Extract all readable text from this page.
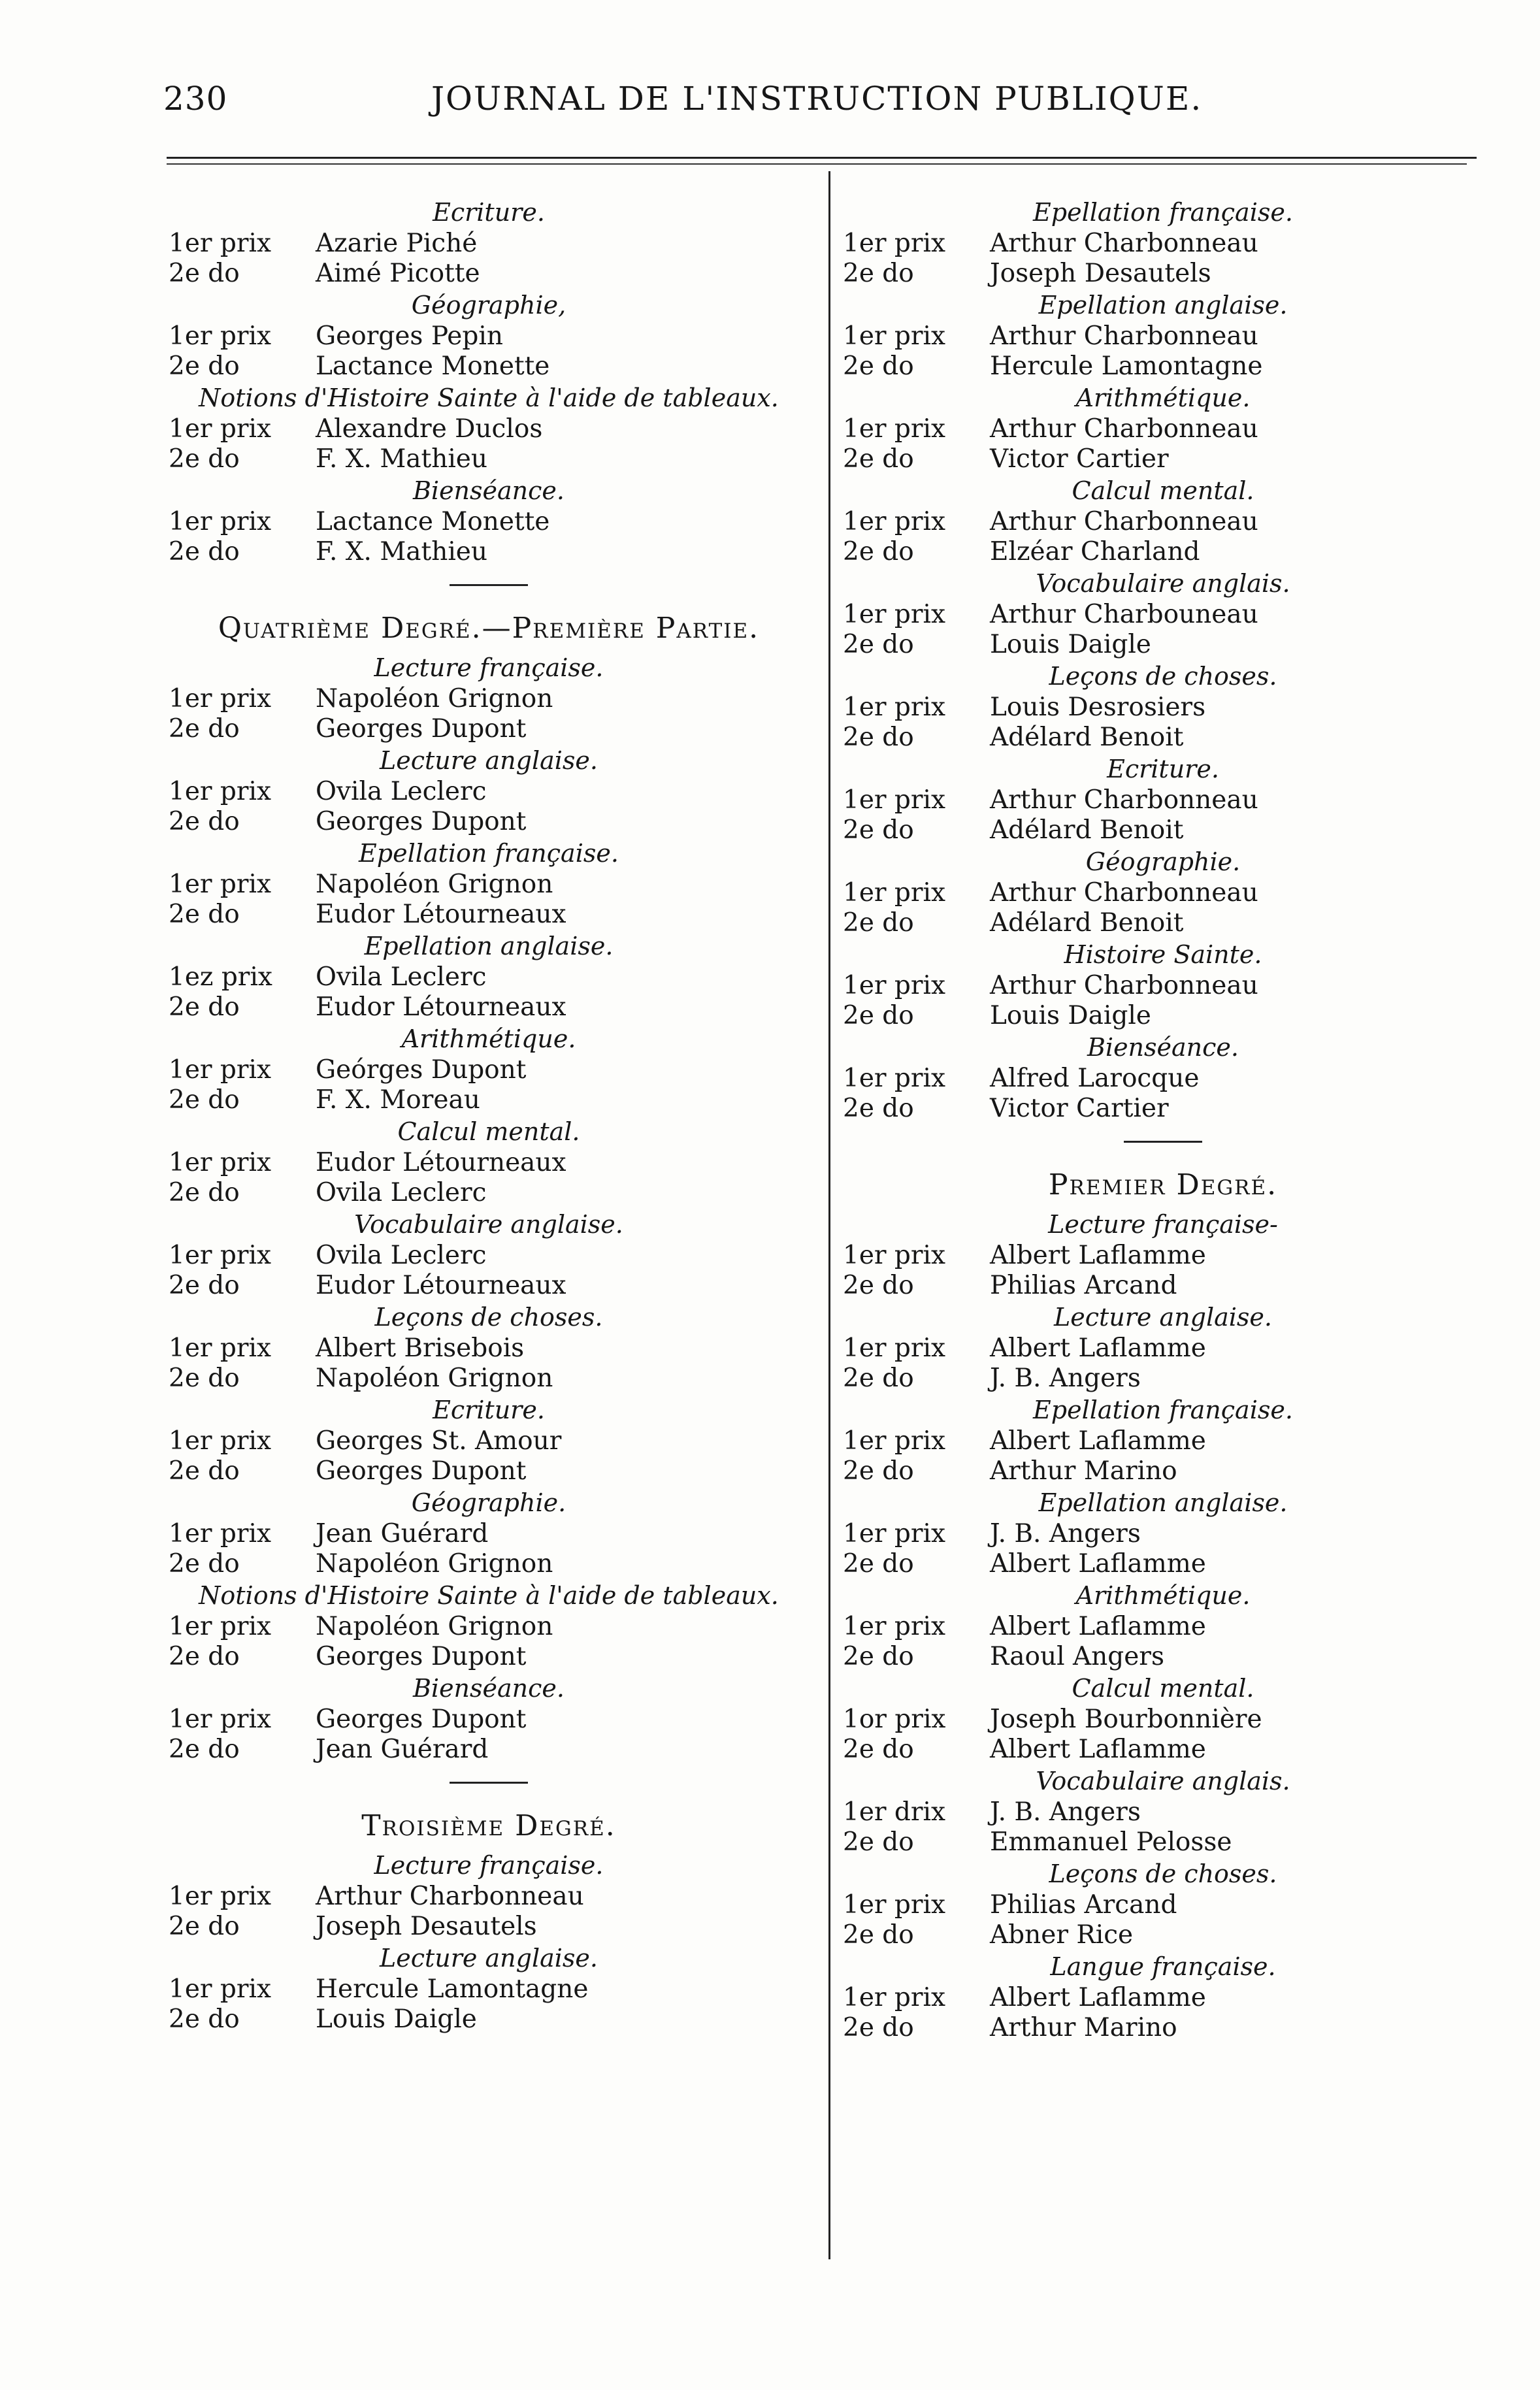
230	JOURNAL DE L'INSTRUCTION PUBLIQUE.
Ecriture.
1er prix Azarie Piché
2e do	Aimé Picotte
Géographie,
1er prix Georges Pepin
2e do	Lactance Monette
Notions d'Histoire Sainte à l'aide de tableaux.
1er prix Alexandre Duclos
2e do	F. X. Mathieu
Bienséance.
1er prix Lactance Monette
2e do	F. X. Mathieu
Quatrième Degré.—Première Partie.
Lecture française.
1er prix Napoléon Grignon
2e do	Georges Dupont
Lecture anglaise.
1er prix Ovila Leclerc
2e do	Georges Dupont
Epellation française.
1er prix Napoléon Grignon
2e do	Eudor Létourneaux
Epellation anglaise.
1ez prix Ovila Leclerc
2e do	Eudor Létourneaux
Arithmétique.
1er prix Geórges Dupont
2e do	F. X. Moreau
Calcul mental.
1er prix Eudor Létourneaux
2e do	Ovila Leclerc
Vocabulaire anglaise.
1er prix Ovila Leclerc
2e do	Eudor Létourneaux
Leçons de choses.
1er prix Albert Brisebois
2e do	Napoléon Grignon
Ecriture.
1er prix Georges St. Amour
2e do	Georges Dupont
Géographie.
1er prix Jean Guérard
2e do	Napoléon Grignon
Notions d'Histoire Sainte à l'aide de tableaux.
1er prix Napoléon Grignon
2e do	Georges Dupont
Bienséance.
1er prix Georges Dupont
2e do	Jean Guérard
Troisième Degré.
Lecture française.
1er prix Arthur Charbonneau
2e do	Joseph Desautels
Lecture anglaise.
1er prix Hercule Lamontagne
2e do	Louis Daigle
Epellation française.
1er prix Arthur Charbonneau
2e do	Joseph Desautels
Epellation anglaise.
1er prix Arthur Charbonneau
2e do	Hercule Lamontagne
Arithmétique.
1er prix Arthur Charbonneau
2e do	Victor Cartier
Calcul mental.
1er prix Arthur Charbonneau
2e do	Elzéar Charland
Vocabulaire anglais.
1er prix Arthur Charbouneau
2e do	Louis Daigle
Leçons de choses.
1er prix Louis Desrosiers
2e do	Adélard Benoit
Ecriture.
1er prix Arthur Charbonneau
2e do	Adélard Benoit
Géographie.
1er prix Arthur Charbonneau
2e do	Adélard Benoit
Histoire Sainte.
1er prix Arthur Charbonneau
2e do	Louis Daigle
Bienséance.
1er prix Alfred Larocque
2e do	Victor Cartier
Premier Degré.
Lecture française-
1er prix Albert Laflamme
2e do	Philias Arcand
Lecture anglaise.
1er prix Albert Laflamme
2e do	J. B. Angers
Epellation française.
1er prix Albert Laflamme
2e do	Arthur Marino
Epellation anglaise.
1er prix J. B. Angers
2e do	Albert Laflamme
Arithmétique.
1er prix Albert Laflamme
2e do	Raoul Angers
Calcul mental.
1or prix Joseph Bourbonnière
2e do	Albert Laflamme
Vocabulaire anglais.
1er drix J. B. Angers
2e do	Emmanuel Pelosse
Leçons de choses.
1er prix Philias Arcand
2e do	Abner Rice
Langue française.
1er prix Albert Laflamme
2e do	Arthur Marino
